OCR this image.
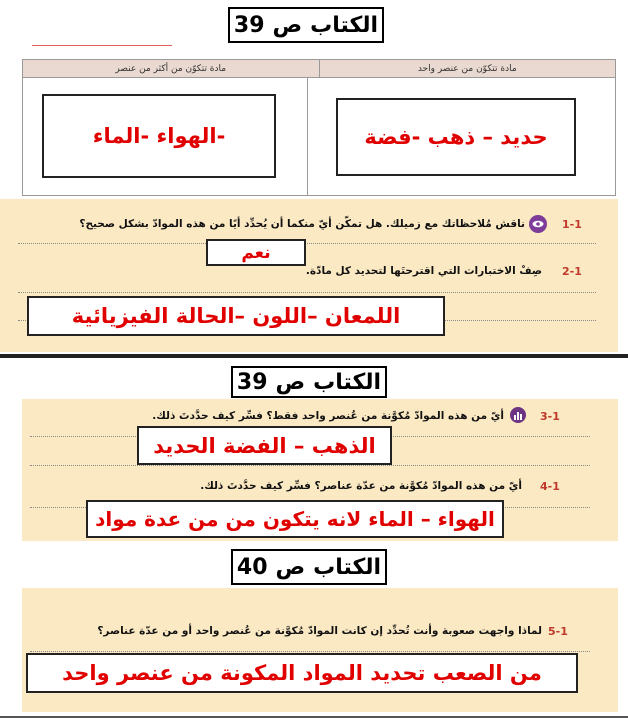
الكتاب
ص
39
مادة تتكوّن من عنصر واحد
مادة تتكوّن من أكثر من عنصر
حديد – ذهب -فضة
-الهواء -الماء
1-1
ناقش مُلاحظاتك مع زميلك. هل تمكّن أيّ منكما أن يُحدِّد أيًا من هذه الموادّ بشكل صحيح؟
نعم
2-1
صِفْ الاختبارات التي اقترحتَها لتحديد كل مادّة.
اللمعان –اللون –الحالة الفيزيائية
الكتاب
ص
39
3-1
أيّ من هذه الموادّ مُكوَّنة من عُنصر واحد فقط؟ فسِّر كيف حدَّدتَ ذلك.
الذهب – الفضة الحديد
4-1
أيّ من هذه الموادّ مُكوَّنة من عدّة عناصر؟ فسِّر كيف حدَّدتَ ذلك.
الهواء – الماء لانه يتكون من من عدة مواد
الكتاب
ص
40
5-1
لماذا واجهت صعوبة وأنت تُحدِّد إن كانت الموادّ مُكوَّنة من عُنصر واحد أو من عدّة عناصر؟
من الصعب تحديد المواد المكونة من عنصر واحد
